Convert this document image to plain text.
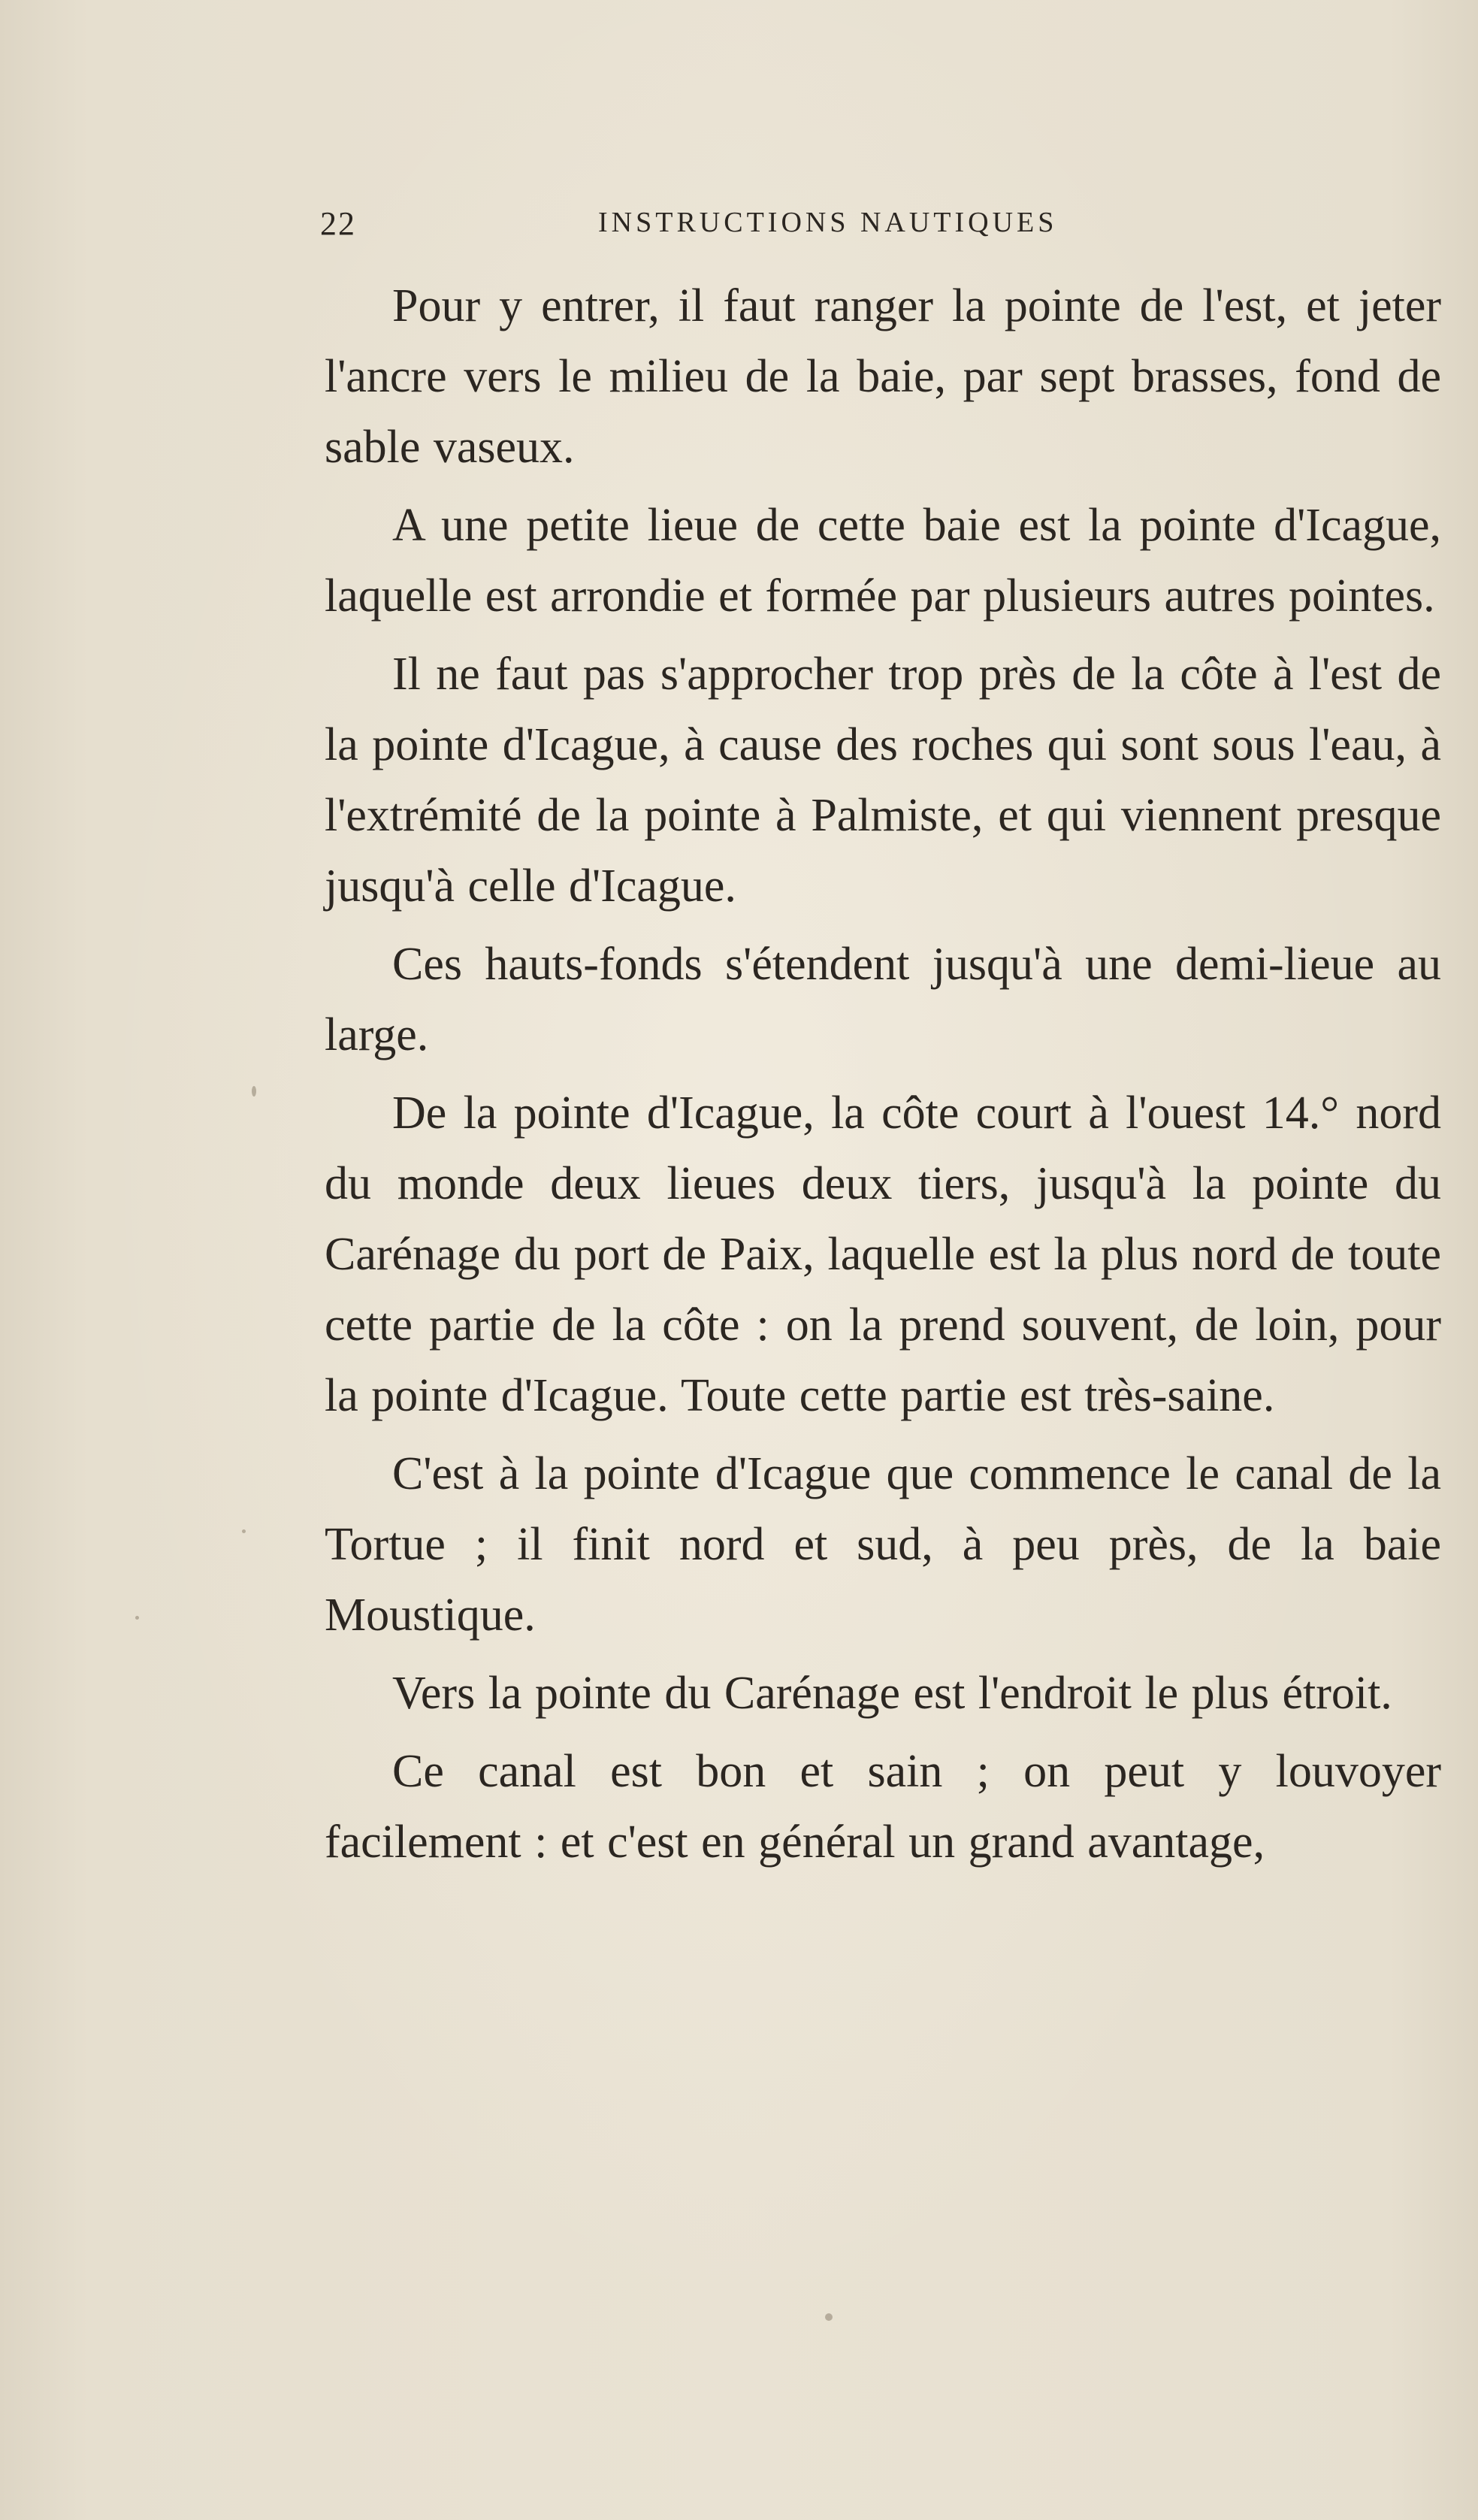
22	INSTRUCTIONS NAUTIQUES

Pour y entrer, il faut ranger la pointe de l'est, et jeter l'ancre vers le milieu de la baie, par sept brasses, fond de sable vaseux.

A une petite lieue de cette baie est la pointe d'Icague, laquelle est arrondie et formée par plusieurs autres pointes.

Il ne faut pas s'approcher trop près de la côte à l'est de la pointe d'Icague, à cause des roches qui sont sous l'eau, à l'extrémité de la pointe à Palmiste, et qui viennent presque jusqu'à celle d'Icague.

Ces hauts-fonds s'étendent jusqu'à une demi-lieue au large.

De la pointe d'Icague, la côte court à l'ouest 14.° nord du monde deux lieues deux tiers, jusqu'à la pointe du Carénage du port de Paix, laquelle est la plus nord de toute cette partie de la côte : on la prend souvent, de loin, pour la pointe d'Icague. Toute cette partie est très-saine.

C'est à la pointe d'Icague que commence le canal de la Tortue ; il finit nord et sud, à peu près, de la baie Moustique.

Vers la pointe du Carénage est l'endroit le plus étroit.

Ce canal est bon et sain ; on peut y louvoyer facilement : et c'est en général un grand avantage,
